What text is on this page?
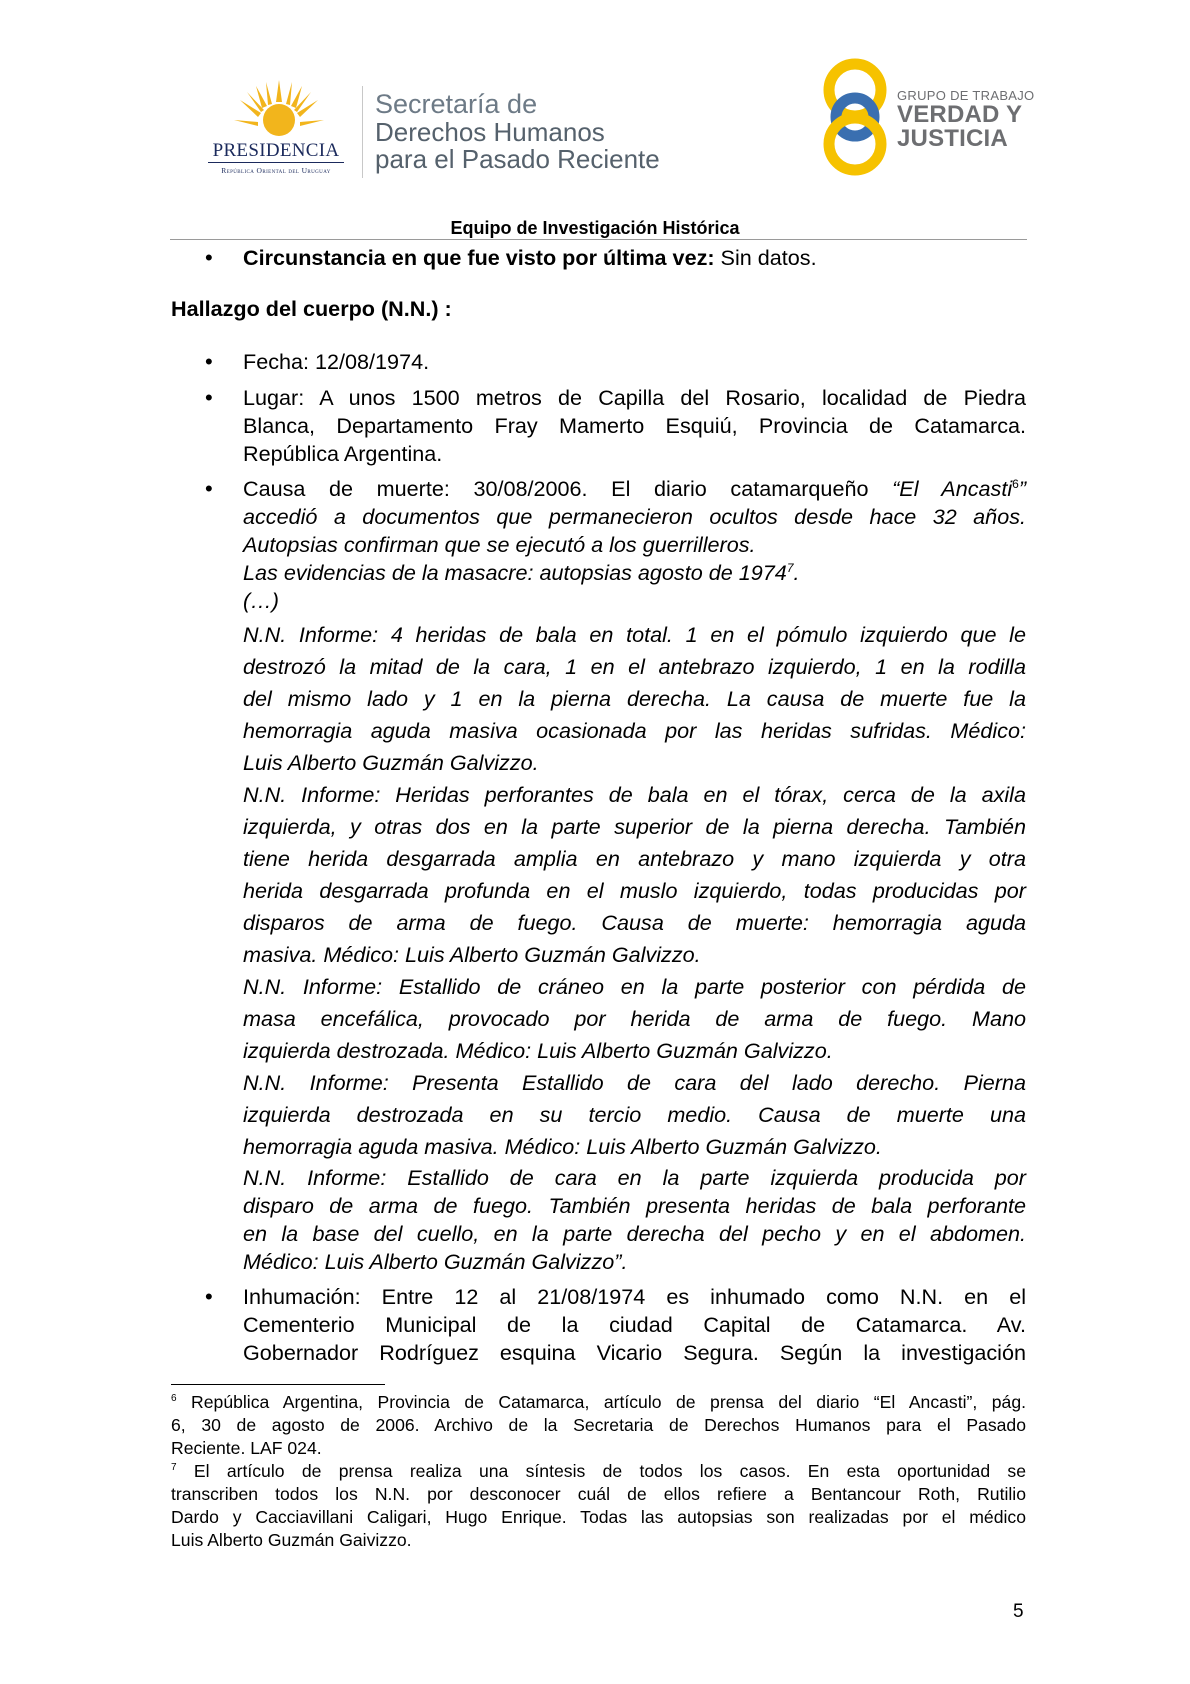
PRESIDENCIA
República Oriental del Uruguay
Secretaría de
Derechos Humanos
para el Pasado Reciente
GRUPO DE TRABAJO
VERDAD Y
JUSTICIA
Equipo de Investigación Histórica
• Circunstancia en que fue visto por última vez: Sin datos.
Hallazgo del cuerpo (N.N.) :
• Fecha: 12/08/1974.
• Lugar: A unos 1500 metros de Capilla del Rosario, localidad de Piedra
Blanca, Departamento Fray Mamerto Esquiú, Provincia de Catamarca.
República Argentina.
• Causa de muerte: 30/08/2006. El diario catamarqueño “El Ancasti$^6$”
accedió a documentos que permanecieron ocultos desde hace 32 años.
Autopsias confirman que se ejecutó a los guerrilleros.
Las evidencias de la masacre: autopsias agosto de 1974$^7$.
(…)
N.N. Informe: 4 heridas de bala en total. 1 en el pómulo izquierdo que le
destrozó la mitad de la cara, 1 en el antebrazo izquierdo, 1 en la rodilla
del mismo lado y 1 en la pierna derecha. La causa de muerte fue la
hemorragia aguda masiva ocasionada por las heridas sufridas. Médico:
Luis Alberto Guzmán Galvizzo.
N.N. Informe: Heridas perforantes de bala en el tórax, cerca de la axila
izquierda, y otras dos en la parte superior de la pierna derecha. También
tiene herida desgarrada amplia en antebrazo y mano izquierda y otra
herida desgarrada profunda en el muslo izquierdo, todas producidas por
disparos de arma de fuego. Causa de muerte: hemorragia aguda
masiva. Médico: Luis Alberto Guzmán Galvizzo.
N.N. Informe: Estallido de cráneo en la parte posterior con pérdida de
masa encefálica, provocado por herida de arma de fuego. Mano
izquierda destrozada. Médico: Luis Alberto Guzmán Galvizzo.
N.N. Informe: Presenta Estallido de cara del lado derecho. Pierna
izquierda destrozada en su tercio medio. Causa de muerte una
hemorragia aguda masiva. Médico: Luis Alberto Guzmán Galvizzo.
N.N. Informe: Estallido de cara en la parte izquierda producida por
disparo de arma de fuego. También presenta heridas de bala perforante
en la base del cuello, en la parte derecha del pecho y en el abdomen.
Médico: Luis Alberto Guzmán Galvizzo”.
• Inhumación: Entre 12 al 21/08/1974 es inhumado como N.N. en el
Cementerio Municipal de la ciudad Capital de Catamarca. Av.
Gobernador Rodríguez esquina Vicario Segura. Según la investigación
$^6$ República Argentina, Provincia de Catamarca, artículo de prensa del diario “El Ancasti”, pág.
6, 30 de agosto de 2006. Archivo de la Secretaria de Derechos Humanos para el Pasado
Reciente. LAF 024.
$^7$ El artículo de prensa realiza una síntesis de todos los casos. En esta oportunidad se
transcriben todos los N.N. por desconocer cuál de ellos refiere a Bentancour Roth, Rutilio
Dardo y Cacciavillani Caligari, Hugo Enrique. Todas las autopsias son realizadas por el médico
Luis Alberto Guzmán Gaivizzo.
5
